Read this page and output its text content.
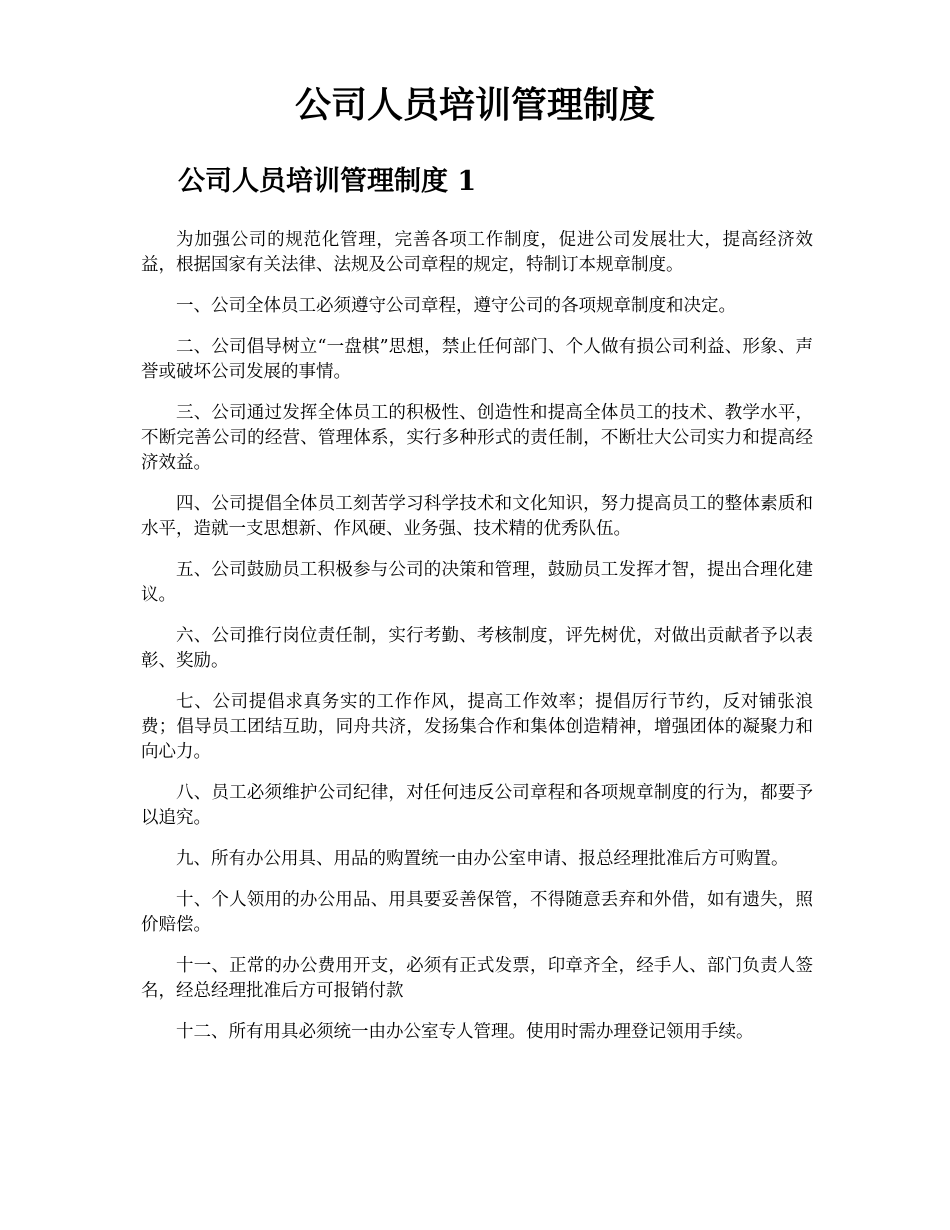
公司人员培训管理制度
公司人员培训管理制度 1

为加强公司的规范化管理，完善各项工作制度，促进公司发展壮大，提高经济效益，根据国家有关法律、法规及公司章程的规定，特制订本规章制度。

一、公司全体员工必须遵守公司章程，遵守公司的各项规章制度和决定。

二、公司倡导树立“一盘棋”思想，禁止任何部门、个人做有损公司利益、形象、声誉或破坏公司发展的事情。

三、公司通过发挥全体员工的积极性、创造性和提高全体员工的技术、教学水平，不断完善公司的经营、管理体系，实行多种形式的责任制，不断壮大公司实力和提高经济效益。

四、公司提倡全体员工刻苦学习科学技术和文化知识，努力提高员工的整体素质和水平，造就一支思想新、作风硬、业务强、技术精的优秀队伍。

五、公司鼓励员工积极参与公司的决策和管理，鼓励员工发挥才智，提出合理化建议。

六、公司推行岗位责任制，实行考勤、考核制度，评先树优，对做出贡献者予以表彰、奖励。

七、公司提倡求真务实的工作作风，提高工作效率；提倡厉行节约，反对铺张浪费；倡导员工团结互助，同舟共济，发扬集合作和集体创造精神，增强团体的凝聚力和向心力。

八、员工必须维护公司纪律，对任何违反公司章程和各项规章制度的行为，都要予以追究。

九、所有办公用具、用品的购置统一由办公室申请、报总经理批准后方可购置。

十、个人领用的办公用品、用具要妥善保管，不得随意丢弃和外借，如有遗失，照价赔偿。

十一、正常的办公费用开支，必须有正式发票，印章齐全，经手人、部门负责人签名，经总经理批准后方可报销付款

十二、所有用具必须统一由办公室专人管理。使用时需办理登记领用手续。
